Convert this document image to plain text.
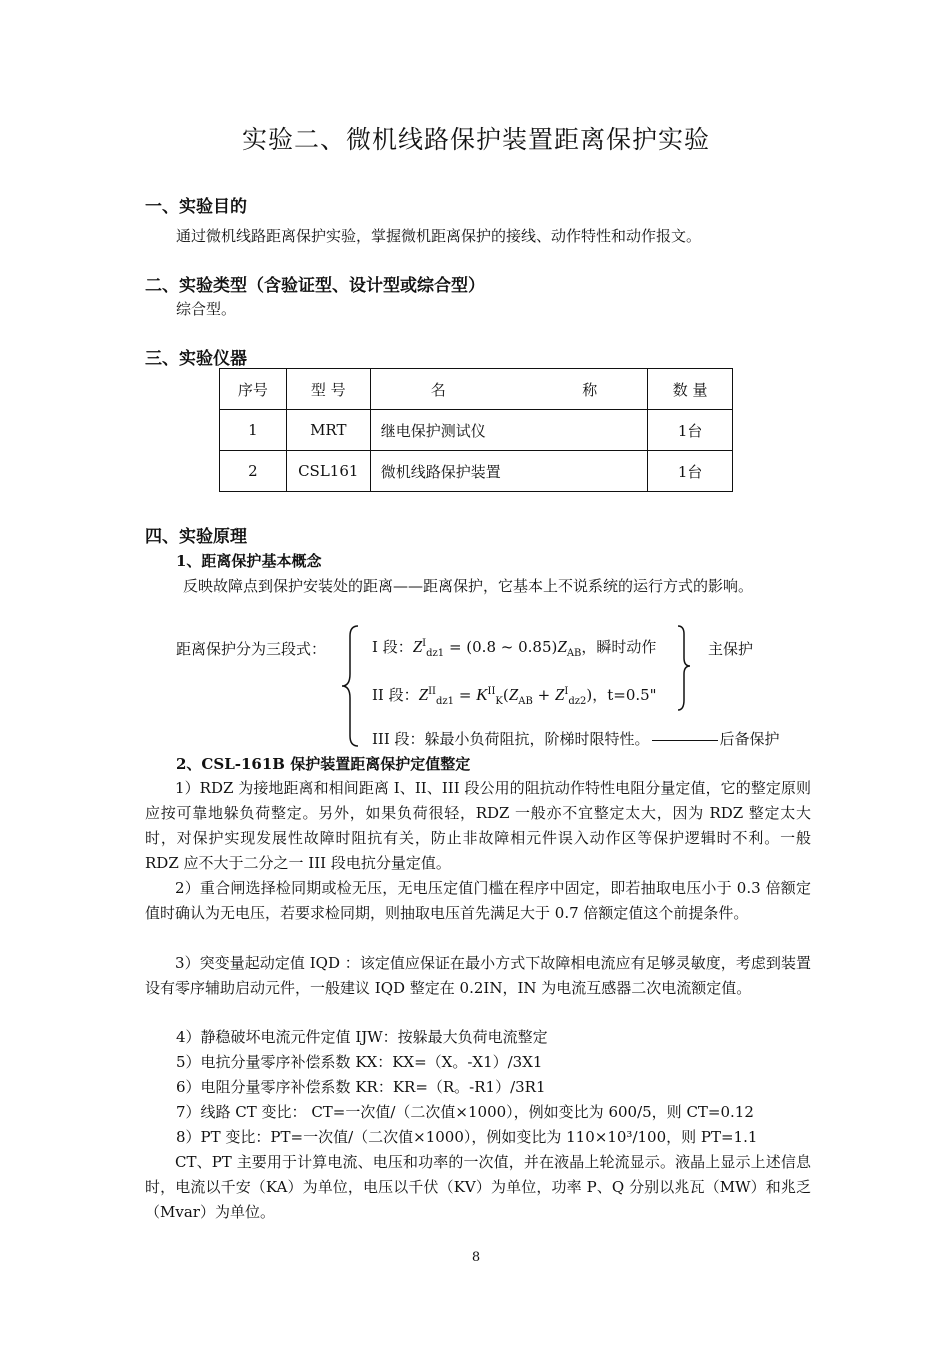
实验二、微机线路保护装置距离保护实验
一、实验目的
通过微机线路距离保护实验，掌握微机距离保护的接线、动作特性和动作报文。
二、实验类型（含验证型、设计型或综合型）
综合型。
三、实验仪器
序号	型 号	名 称	数 量
1	MRT	继电保护测试仪	1台
2	CSL161	微机线路保护装置	1台
四、实验原理
1、距离保护基本概念
反映故障点到保护安装处的距离——距离保护，它基本上不说系统的运行方式的影响。
距离保护分为三段式：	I 段：$Z^I_{dz1} = (0.8$ ~ $0.85)Z_{AB}$，瞬时动作	主保护
II 段：$Z^{II}_{dz1} = K^{II}_K(Z_{AB} + Z^I_{dz2})$，t=0.5"
III 段：躲最小负荷阻抗，阶梯时限特性。	后备保护
2、CSL-161B 保护装置距离保护定值整定
1）RDZ 为接地距离和相间距离 I、II、III 段公用的阻抗动作特性电阻分量定值，它的整定原则应按可靠地躲负荷整定。另外，如果负荷很轻，RDZ 一般亦不宜整定太大，因为 RDZ 整定太大时，对保护实现发展性故障时阻抗有关，防止非故障相元件误入动作区等保护逻辑时不利。一般 RDZ 应不大于二分之一 III 段电抗分量定值。
2）重合闸选择检同期或检无压，无电压定值门槛在程序中固定，即若抽取电压小于 0.3 倍额定值时确认为无电压，若要求检同期，则抽取电压首先满足大于 0.7 倍额定值这个前提条件。
3）突变量起动定值 IQD ：该定值应保证在最小方式下故障相电流应有足够灵敏度，考虑到装置设有零序辅助启动元件，一般建议 IQD 整定在 0.2IN，IN 为电流互感器二次电流额定值。
4）静稳破坏电流元件定值 IJW：按躲最大负荷电流整定
5）电抗分量零序补偿系数 KX：KX=（X。-X1）/3X1
6）电阻分量零序补偿系数 KR：KR=（R。-R1）/3R1
7）线路 CT 变比： CT=一次值/（二次值×1000），例如变比为 600/5，则 CT=0.12
8）PT 变比：PT=一次值/（二次值×1000），例如变比为 110×10³/100，则 PT=1.1
CT、PT 主要用于计算电流、电压和功率的一次值，并在液晶上轮流显示。液晶上显示上述信息时，电流以千安（KA）为单位，电压以千伏（KV）为单位，功率 P、Q 分别以兆瓦（MW）和兆乏（Mvar）为单位。
8
